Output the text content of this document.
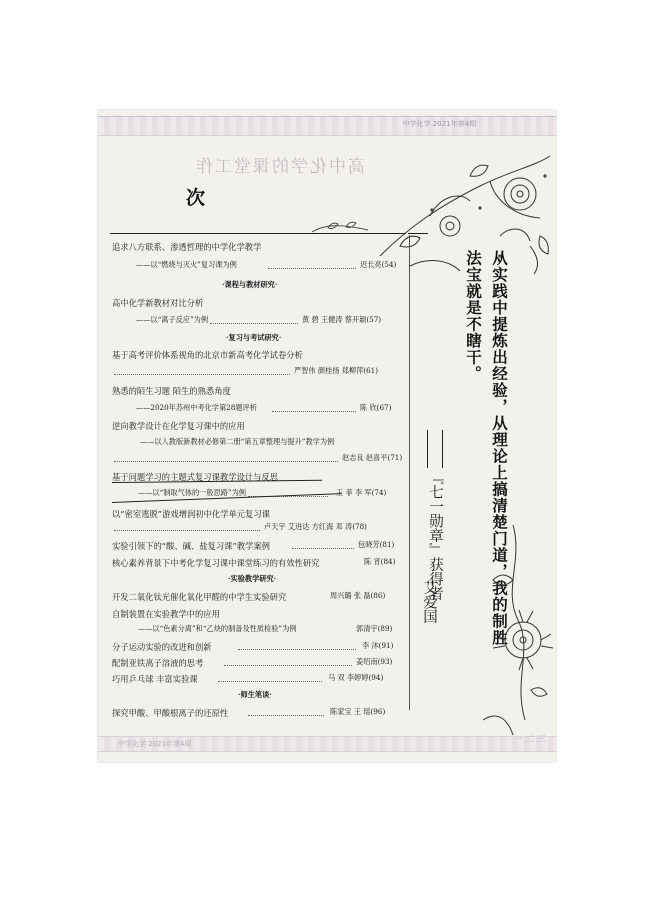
中学化学 2021年第4期
高中化学的课堂工作
次
追求八方联系、渗透哲理的中学化学教学
——以“燃烧与灭火”复习课为例	迟长亮(54)
·课程与教材研究·
高中化学新教材对比分析
——以“离子反应”为例	黄 碧 王健涛 蔡开颖(57)
·复习与考试研究·
基于高考评价体系视角的北京市新高考化学试卷分析
严智伟 颜桂扬 郑柳萍(61)
熟悉的陌生习题 陌生的熟悉角度
——2020年苏州中考化学第28题评析	陈 欣(67)
逆向教学设计在化学复习课中的应用
——以人教版新教材必修第二册“第五章整理与提升”教学为例
赵志良 赵喜平(71)
基于问题学习的主题式复习课教学设计与反思
——以“制取气体的一般思路”为例	王 菲 李 军(74)
以“密室逃脱”游戏增润初中化学单元复习课
卢天宇 艾进达 方红海 邓 涛(78)
实验引领下的“酸、碱、盐复习课”教学案例	包晓芳(81)
核心素养背景下中考化学复习课中课堂练习的有效性研究	陈 宵(84)
·实验教学研究·
开发二氧化钛光催化氧化甲醛的中学生实验研究	周兴璐 张 磊(86)
自制装置在实验教学中的应用
——以“色素分离”和“乙炔的制备及性质检验”为例	郭清宇(89)
分子运动实验的改进和创新	李 沐(91)
配制亚铁离子溶液的思考	姜绍南(93)
巧用乒乓球 丰富实验课	马 双 李婷婷(94)
·师生笔谈·
探究甲酸、甲酸根离子的还原性	陈家宝 王 瑶(96)
从实践中提炼出经验，从理论上搞清楚门道，我的制胜
法宝就是不瞎干。
『七一勋章』获得者
艾爱国
中学化学 2021年第4期	一 二 三
